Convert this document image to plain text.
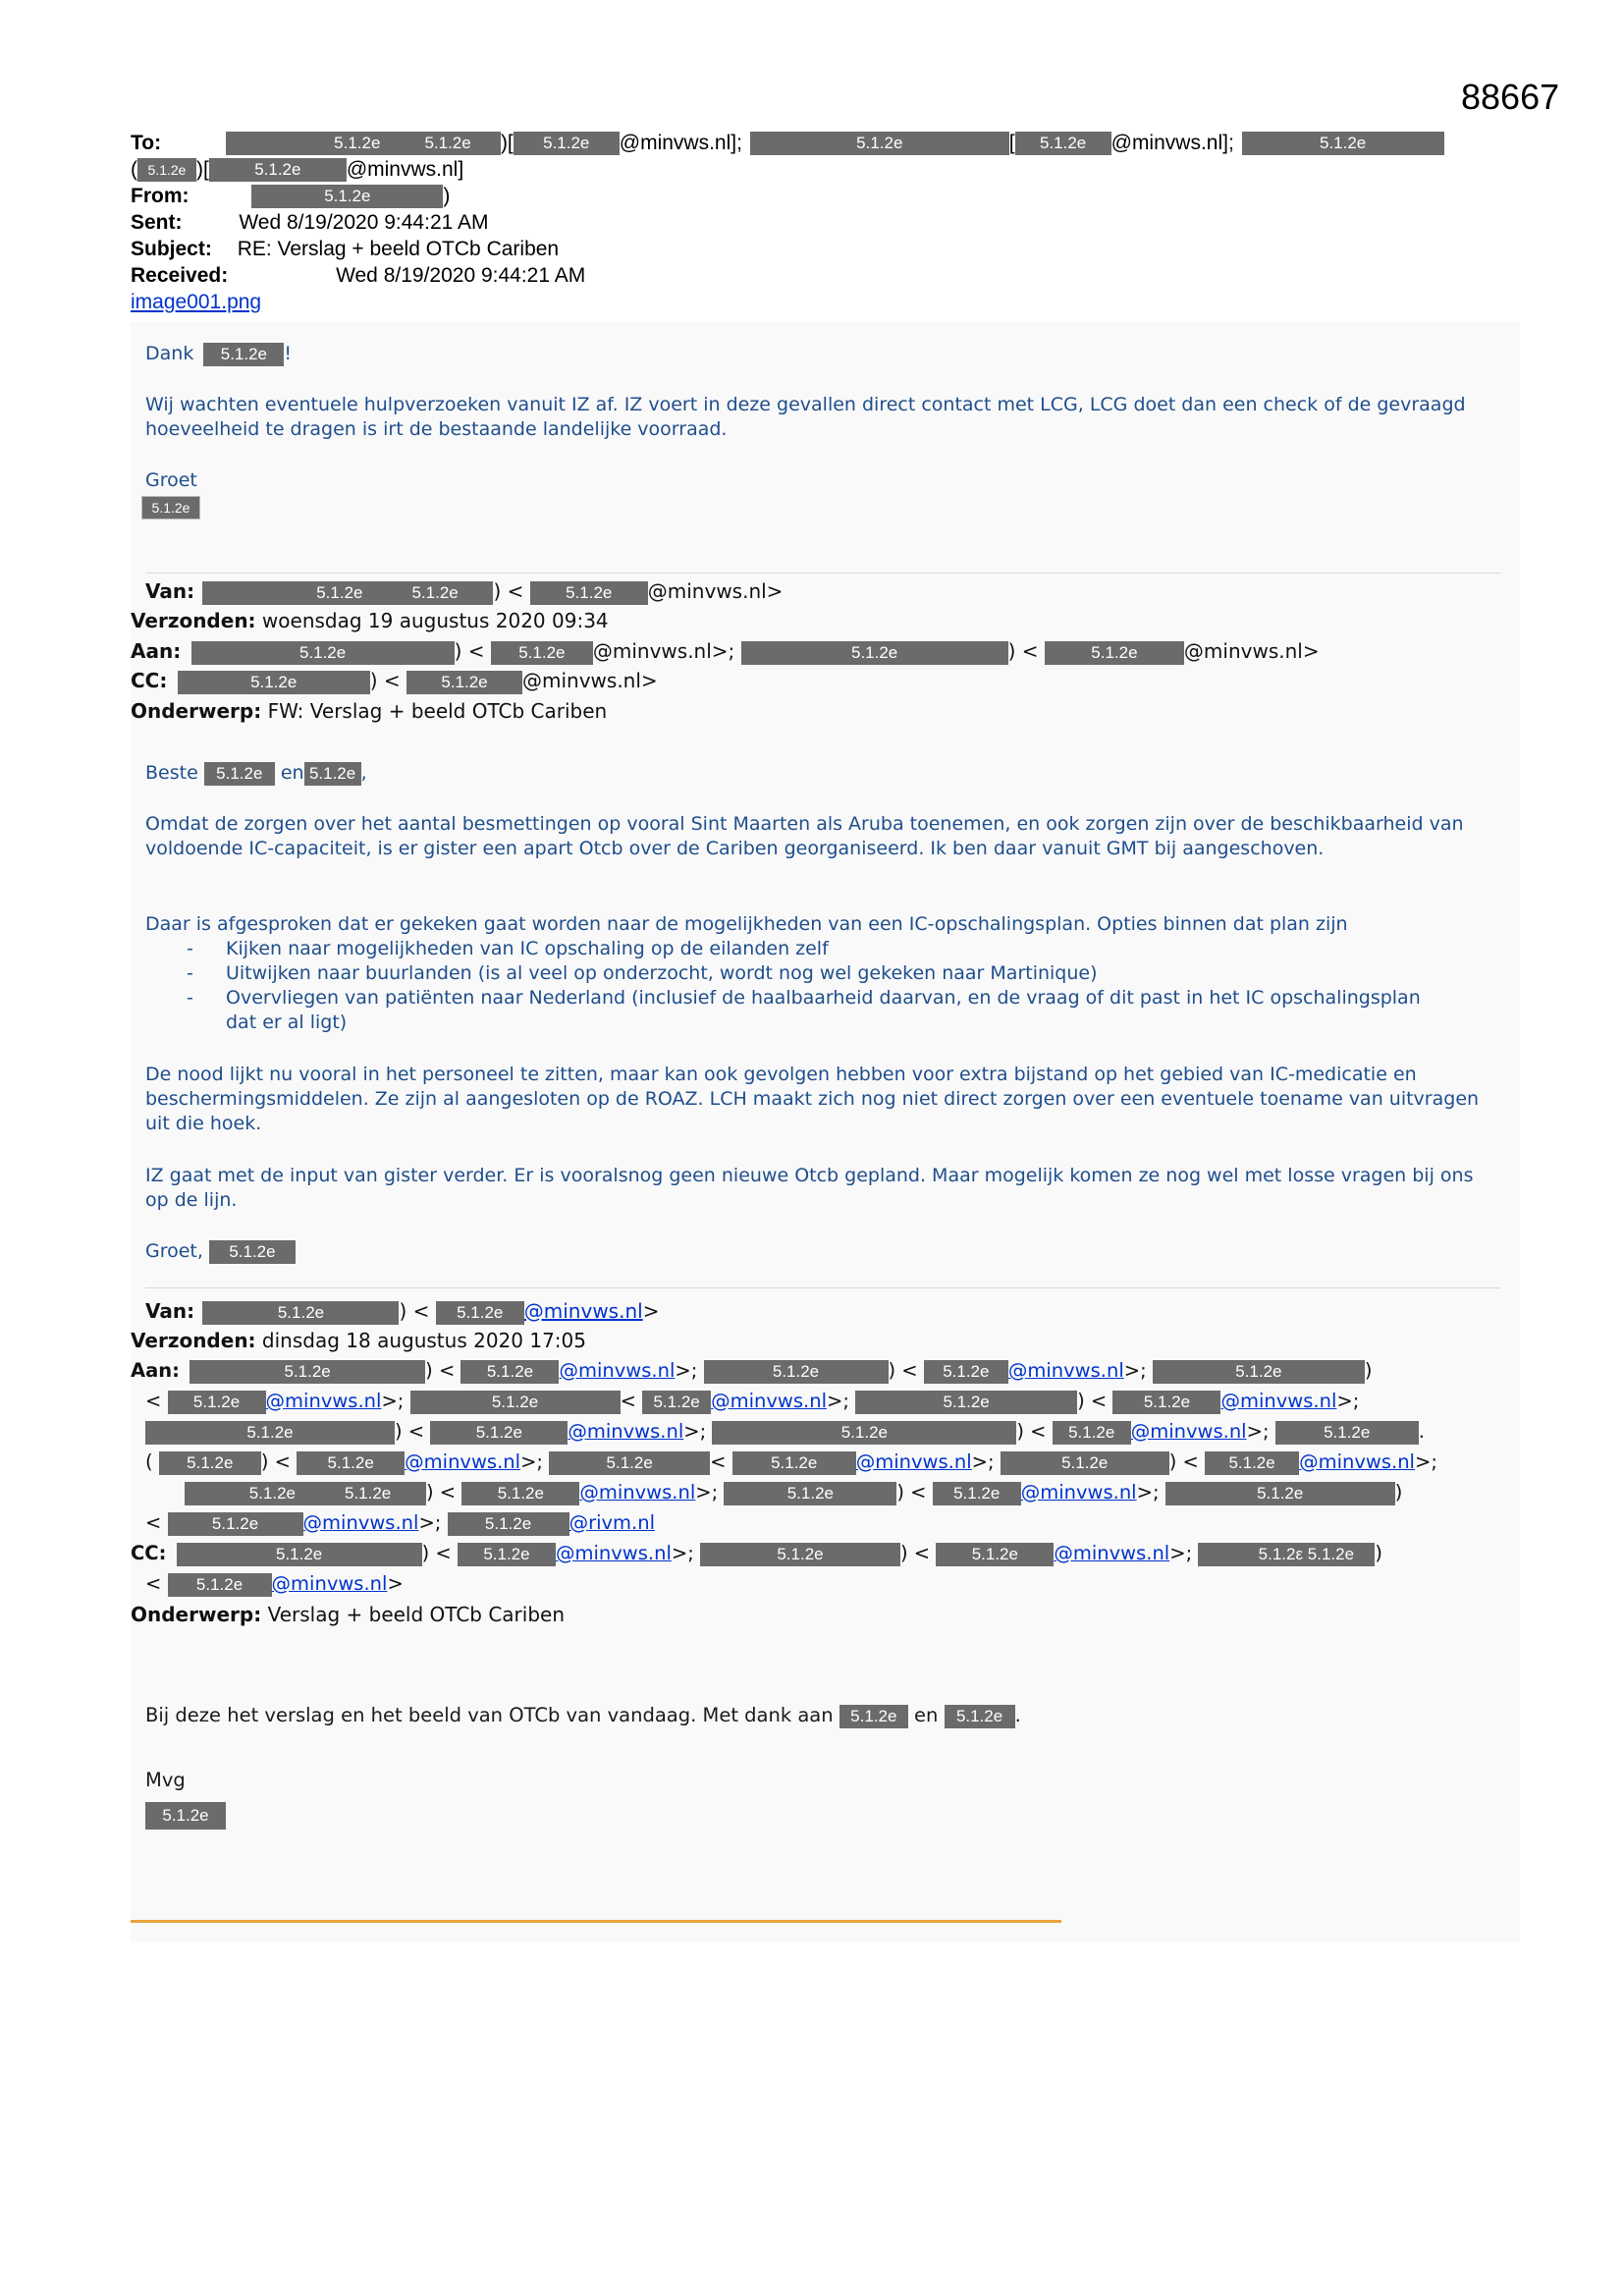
88667
To:	5.1.2e	5.1.2e )[ 5.1.2e @minvws.nl];	5.1.2e	[ 5.1.2e @minvws.nl];	5.1.2e
( 5.1.2e )[	5.1.2e @minvws.nl]
From:	5.1.2e	)
Sent:	Wed 8/19/2020 9:44:21 AM
Subject: RE: Verslag + beeld OTCb Cariben
Received:	Wed 8/19/2020 9:44:21 AM
image001.png
Dank 5.1.2e !
Wij wachten eventuele hulpverzoeken vanuit IZ af. IZ voert in deze gevallen direct contact met LCG, LCG doet dan een check of de gevraagd hoeveelheid te dragen is irt de bestaande landelijke voorraad.
Groet
5.1.2e
Van:	5.1.2e	5.1.2e ) <	5.1.2e @minvws.nl>
Verzonden: woensdag 19 augustus 2020 09:34
Aan:	5.1.2e	) < 5.1.2e @minvws.nl>;	5.1.2e	) <	5.1.2e @minvws.nl>
CC:	5.1.2e	) < 5.1.2e @minvws.nl>
Onderwerp: FW: Verslag + beeld OTCb Cariben
Beste 5.1.2e en 5.1.2e ,
Omdat de zorgen over het aantal besmettingen op vooral Sint Maarten als Aruba toenemen, en ook zorgen zijn over de beschikbaarheid van voldoende IC-capaciteit, is er gister een apart Otcb over de Cariben georganiseerd. Ik ben daar vanuit GMT bij aangeschoven.
Daar is afgesproken dat er gekeken gaat worden naar de mogelijkheden van een IC-opschalingsplan. Opties binnen dat plan zijn
-	Kijken naar mogelijkheden van IC opschaling op de eilanden zelf
-	Uitwijken naar buurlanden (is al veel op onderzocht, wordt nog wel gekeken naar Martinique)
-	Overvliegen van patiënten naar Nederland (inclusief de haalbaarheid daarvan, en de vraag of dit past in het IC opschalingsplan dat er al ligt)
De nood lijkt nu vooral in het personeel te zitten, maar kan ook gevolgen hebben voor extra bijstand op het gebied van IC-medicatie en beschermingsmiddelen. Ze zijn al aangesloten op de ROAZ. LCH maakt zich nog niet direct zorgen over een eventuele toename van uitvragen uit die hoek.
IZ gaat met de input van gister verder. Er is vooralsnog geen nieuwe Otcb gepland. Maar mogelijk komen ze nog wel met losse vragen bij ons op de lijn.
Groet, 5.1.2e
Van:	5.1.2e	) < 5.1.2e @minvws.nl>
Verzonden: dinsdag 18 augustus 2020 17:05
Aan:	5.1.2e	) < 5.1.2e @minvws.nl>;	5.1.2e	) < 5.1.2e @minvws.nl>;	5.1.2e	)
< 5.1.2e @minvws.nl>;	5.1.2e	< 5.1.2e @minvws.nl>;	5.1.2e	) < 5.1.2e @minvws.nl>;
5.1.2e	) <	5.1.2e @minvws.nl>;	5.1.2e	) < 5.1.2e @minvws.nl>;	5.1.2e	.
( 5.1.2e ) < 5.1.2e @minvws.nl>;	5.1.2e	< 5.1.2e @minvws.nl>;	5.1.2e	) < 5.1.2e @minvws.nl>;
5.1.2e	5.1.2e ) < 5.1.2e @minvws.nl>;	5.1.2e	) < 5.1.2e @minvws.nl>;	5.1.2e	)
<	5.1.2e @minvws.nl>; 5.1.2e @rivm.nl
CC:	5.1.2e	) < 5.1.2e @minvws.nl>;	5.1.2e	) < 5.1.2e @minvws.nl>;	5.1.2ε 5.1.2e )
< 5.1.2e @minvws.nl>
Onderwerp: Verslag + beeld OTCb Cariben
Bij deze het verslag en het beeld van OTCb van vandaag. Met dank aan 5.1.2e en 5.1.2e .
Mvg
5.1.2e
